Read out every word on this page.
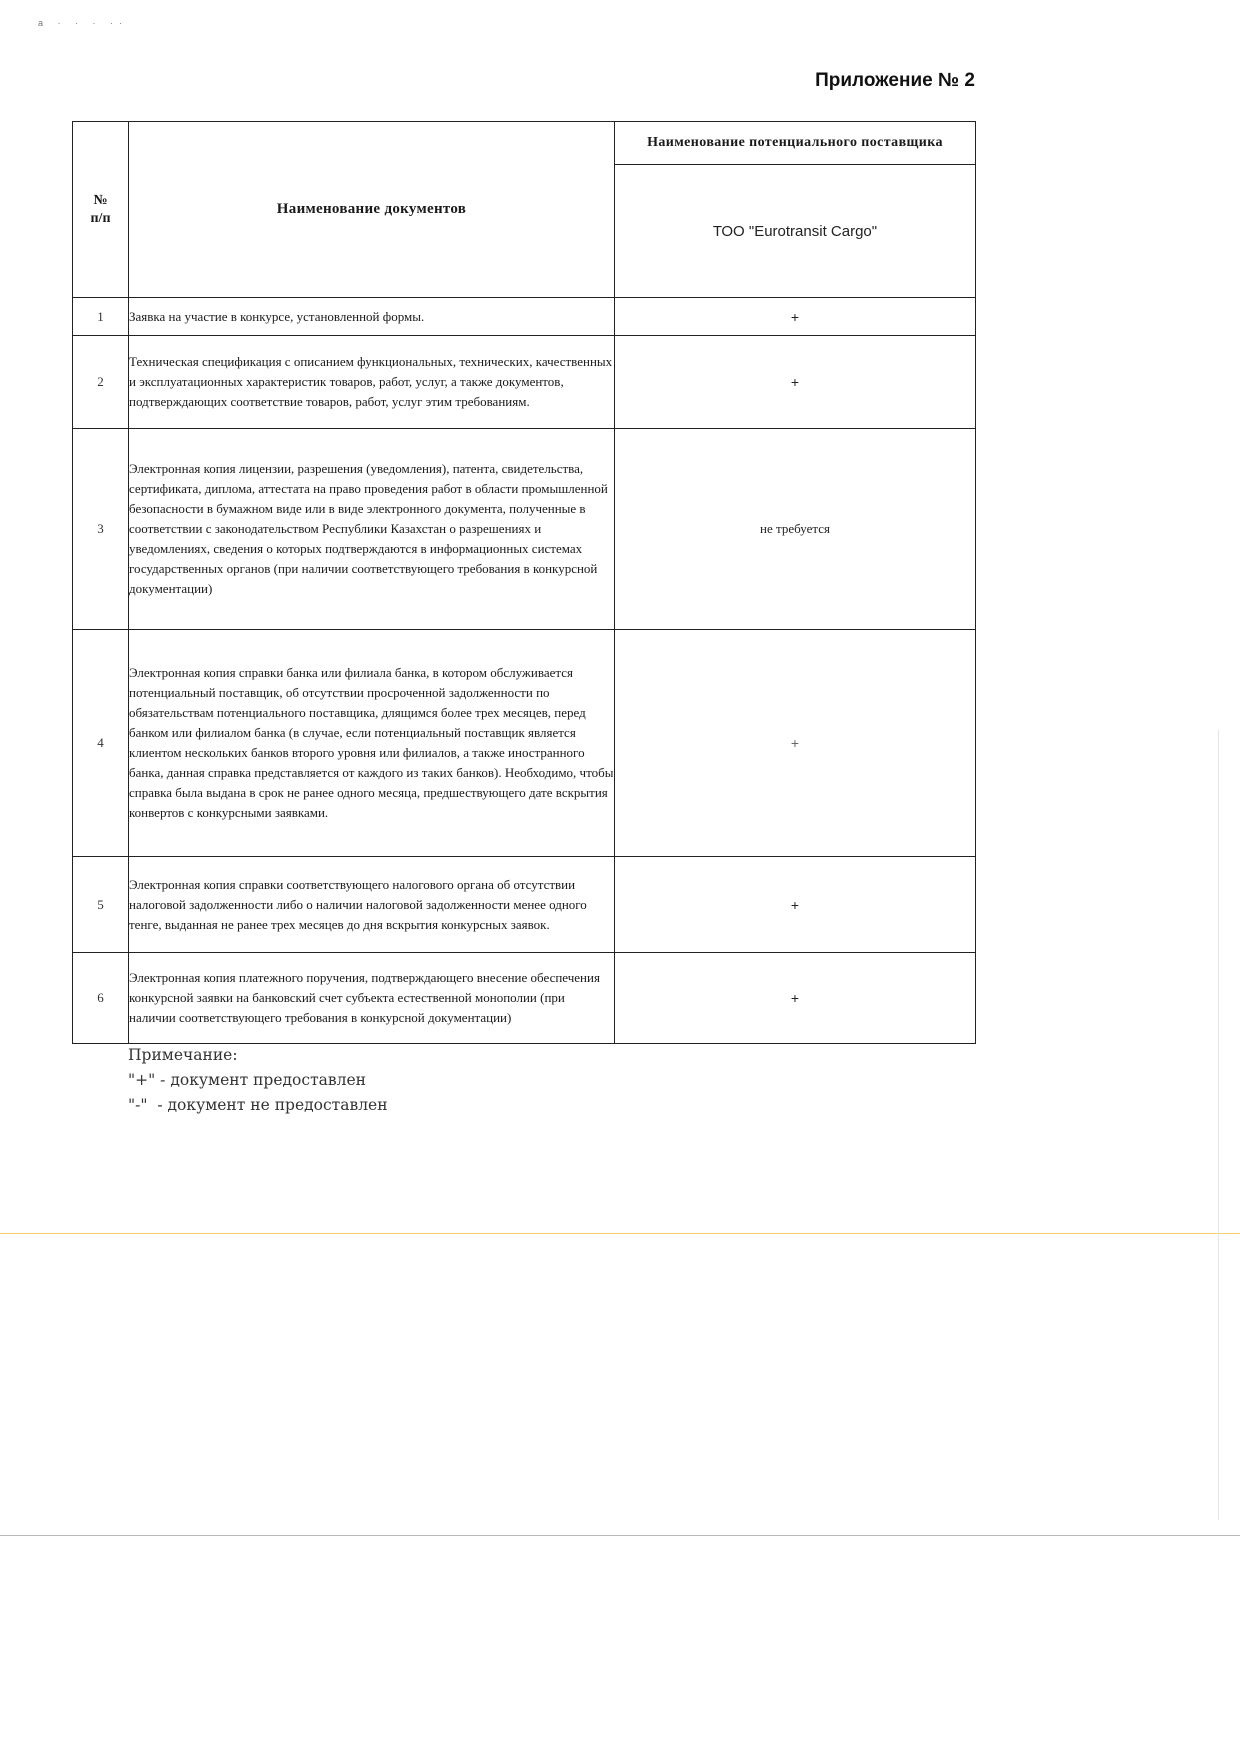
a · · · ··
Приложение № 2
№
п/п	Наименование документов	Наименование потенциального поставщика
		ТОО "Eurotransit Cargo"
1	Заявка на участие в конкурсе, установленной формы.	+
2	Техническая спецификация с описанием функциональных, технических, качественных и эксплуатационных характеристик товаров, работ, услуг, а также документов, подтверждающих соответствие товаров, работ, услуг этим требованиям.	+
3	Электронная копия лицензии, разрешения (уведомления), патента, свидетельства, сертификата, диплома, аттестата на право проведения работ в области промышленной безопасности в бумажном виде или в виде электронного документа, полученные в соответствии с законодательством Республики Казахстан о разрешениях и уведомлениях, сведения о которых подтверждаются в информационных системах государственных органов (при наличии соответствующего требования в конкурсной документации)	не требуется
4	Электронная копия справки банка или филиала банка, в котором обслуживается потенциальный поставщик, об отсутствии просроченной задолженности по обязательствам потенциального поставщика, длящимся более трех месяцев, перед банком или филиалом банка (в случае, если потенциальный поставщик является клиентом нескольких банков второго уровня или филиалов, а также иностранного банка, данная справка представляется от каждого из таких банков). Необходимо, чтобы справка была выдана в срок не ранее одного месяца, предшествующего дате вскрытия конвертов с конкурсными заявками.	+
5	Электронная копия справки соответствующего налогового органа об отсутствии налоговой задолженности либо о наличии налоговой задолженности менее одного тенге, выданная не ранее трех месяцев до дня вскрытия конкурсных заявок.	+
6	Электронная копия платежного поручения, подтверждающего внесение обеспечения конкурсной заявки на банковский счет субъекта естественной монополии (при наличии соответствующего требования в конкурсной документации)	+
Примечание:
"+" - документ предоставлен
"-"  - документ не предоставлен
